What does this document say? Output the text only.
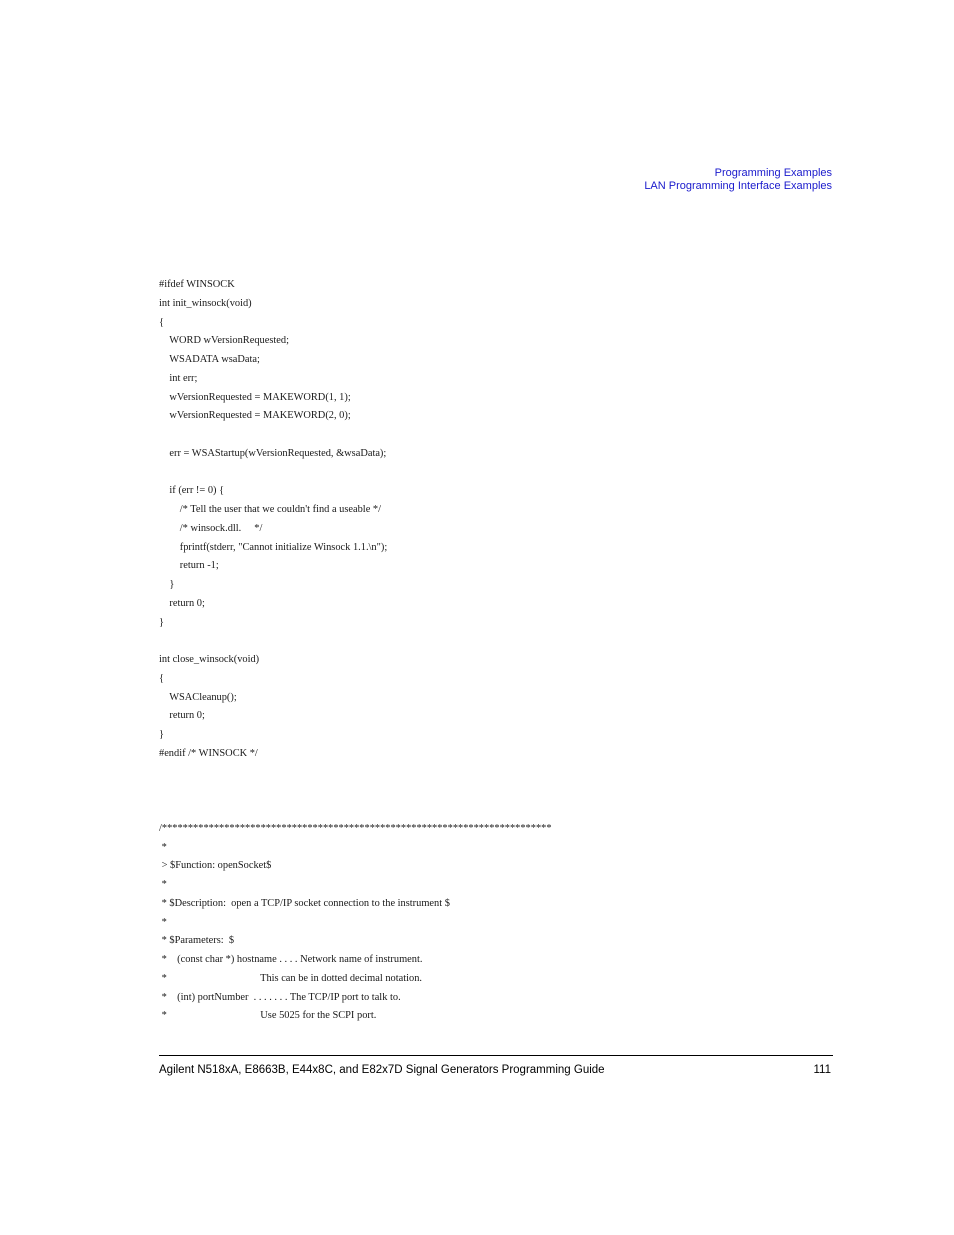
Programming Examples
LAN Programming Interface Examples
#ifdef WINSOCK
int init_winsock(void)
{
WORD wVersionRequested;
WSADATA wsaData;
int err;
wVersionRequested = MAKEWORD(1, 1);
wVersionRequested = MAKEWORD(2, 0);
err = WSAStartup(wVersionRequested, &wsaData);
if (err != 0) {
/* Tell the user that we couldn't find a useable */
/* winsock.dll.     */
fprintf(stderr, "Cannot initialize Winsock 1.1.\n");
return -1;
}
return 0;
}
int close_winsock(void)
{
WSACleanup();
return 0;
}
#endif /* WINSOCK */
/***************************************************************************
*
> $Function: openSocket$
*
* $Description:  open a TCP/IP socket connection to the instrument $
*
* $Parameters:  $
*    (const char *) hostname . . . . Network name of instrument.
*                                    This can be in dotted decimal notation.
*    (int) portNumber  . . . . . . . The TCP/IP port to talk to.
*                                    Use 5025 for the SCPI port.
Agilent N518xA, E8663B, E44x8C, and E82x7D Signal Generators Programming Guide	111
